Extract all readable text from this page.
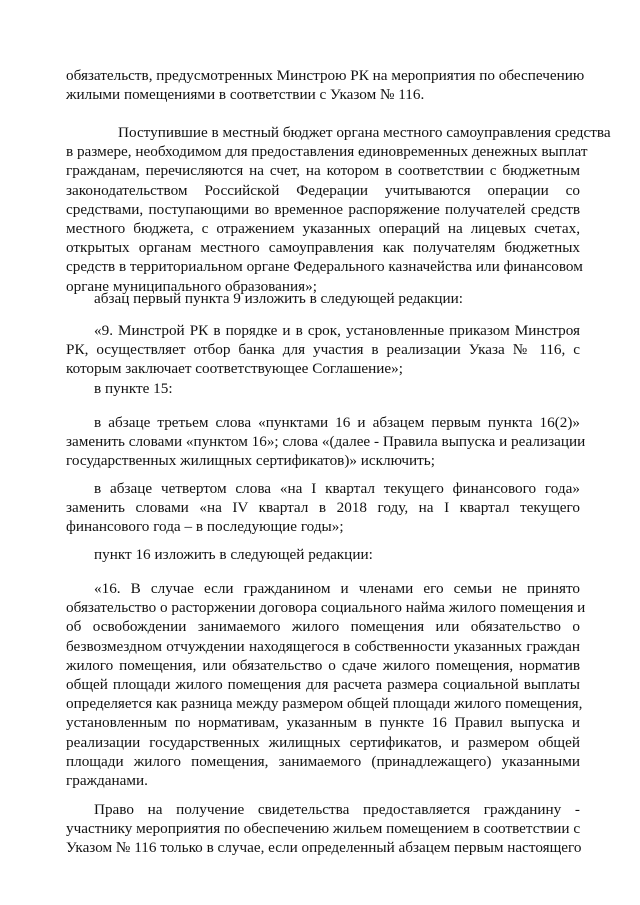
обязательств, предусмотренных Минстрою РК на мероприятия по обеспечению
жилыми помещениями в соответствии с Указом № 116.
Поступившие в местный бюджет органа местного самоуправления средства
в размере, необходимом для предоставления единовременных денежных выплат
гражданам, перечисляются на счет, на котором в соответствии с бюджетным
законодательством Российской Федерации учитываются операции со
средствами, поступающими во временное распоряжение получателей средств
местного бюджета, с отражением указанных операций на лицевых счетах,
открытых органам местного самоуправления как получателям бюджетных
средств в территориальном органе Федерального казначейства или финансовом
органе муниципального образования»;

абзац первый пункта 9 изложить в следующей редакции:

«9. Минстрой РК в порядке и в срок, установленные приказом Минстроя
РК, осуществляет отбор банка для участия в реализации Указа № 116, с
которым заключает соответствующее Соглашение»;

в пункте 15:

в абзаце третьем слова «пунктами 16 и абзацем первым пункта 16(2)»
заменить словами «пунктом 16»; слова «(далее - Правила выпуска и реализации
государственных жилищных сертификатов)» исключить;
в абзаце четвертом слова «на I квартал текущего финансового года»
заменить словами «на IV квартал в 2018 году, на I квартал текущего
финансового года – в последующие годы»;

пункт 16 изложить в следующей редакции:

«16. В случае если гражданином и членами его семьи не принято
обязательство о расторжении договора социального найма жилого помещения и
об освобождении занимаемого жилого помещения или обязательство о
безвозмездном отчуждении находящегося в собственности указанных граждан
жилого помещения, или обязательство о сдаче жилого помещения, норматив
общей площади жилого помещения для расчета размера социальной выплаты
определяется как разница между размером общей площади жилого помещения,
установленным по нормативам, указанным в пункте 16 Правил выпуска и
реализации государственных жилищных сертификатов, и размером общей
площади жилого помещения, занимаемого (принадлежащего) указанными
гражданами.
Право на получение свидетельства предоставляется гражданину -
участнику мероприятия по обеспечению жильем помещением в соответствии с
Указом № 116 только в случае, если определенный абзацем первым настоящего
